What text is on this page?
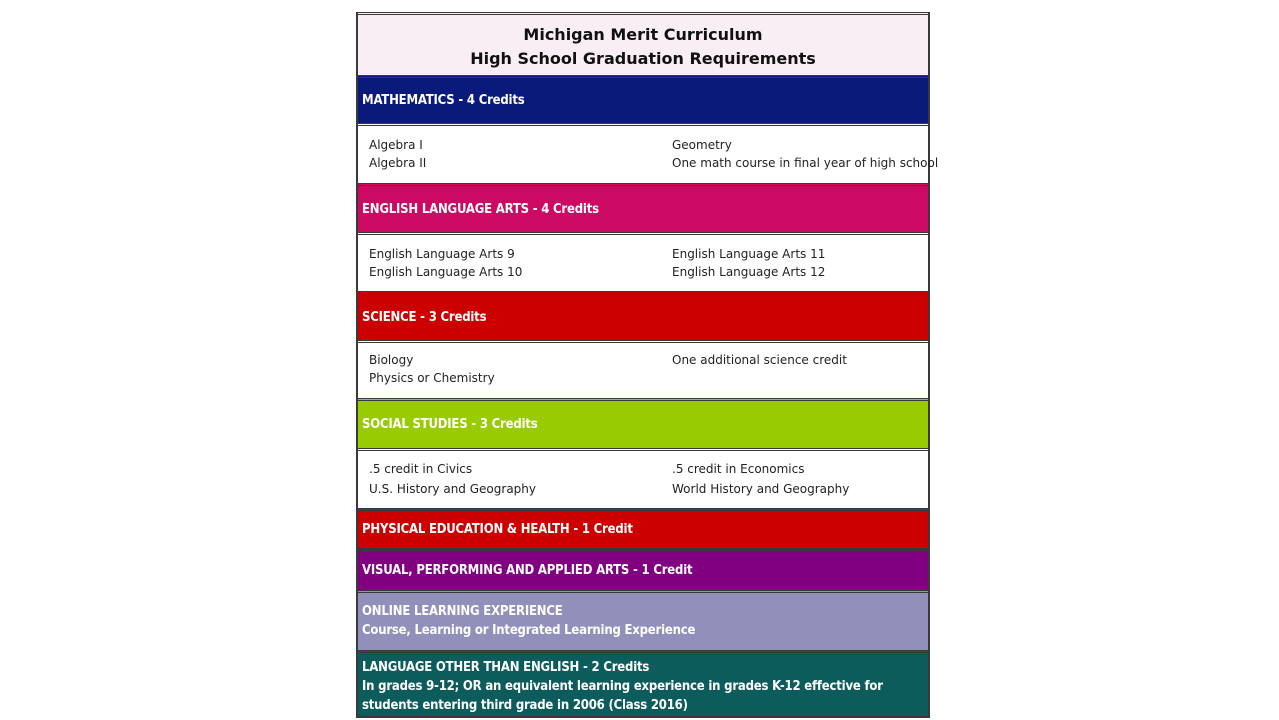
Michigan Merit Curriculum
High School Graduation Requirements
MATHEMATICS - 4 Credits
Algebra I
Algebra II
Geometry
One math course in final year of high school
ENGLISH LANGUAGE ARTS - 4 Credits
English Language Arts 9
English Language Arts 10
English Language Arts 11
English Language Arts 12
SCIENCE - 3 Credits
Biology
Physics or Chemistry
One additional science credit
SOCIAL STUDIES - 3 Credits
.5 credit in Civics
U.S. History and Geography
.5 credit in Economics
World History and Geography
PHYSICAL EDUCATION & HEALTH - 1 Credit
VISUAL, PERFORMING AND APPLIED ARTS - 1 Credit
ONLINE LEARNING EXPERIENCE
Course, Learning or Integrated Learning Experience
LANGUAGE OTHER THAN ENGLISH - 2 Credits
In grades 9-12; OR an equivalent learning experience in grades K-12 effective for
students entering third grade in 2006 (Class 2016)
